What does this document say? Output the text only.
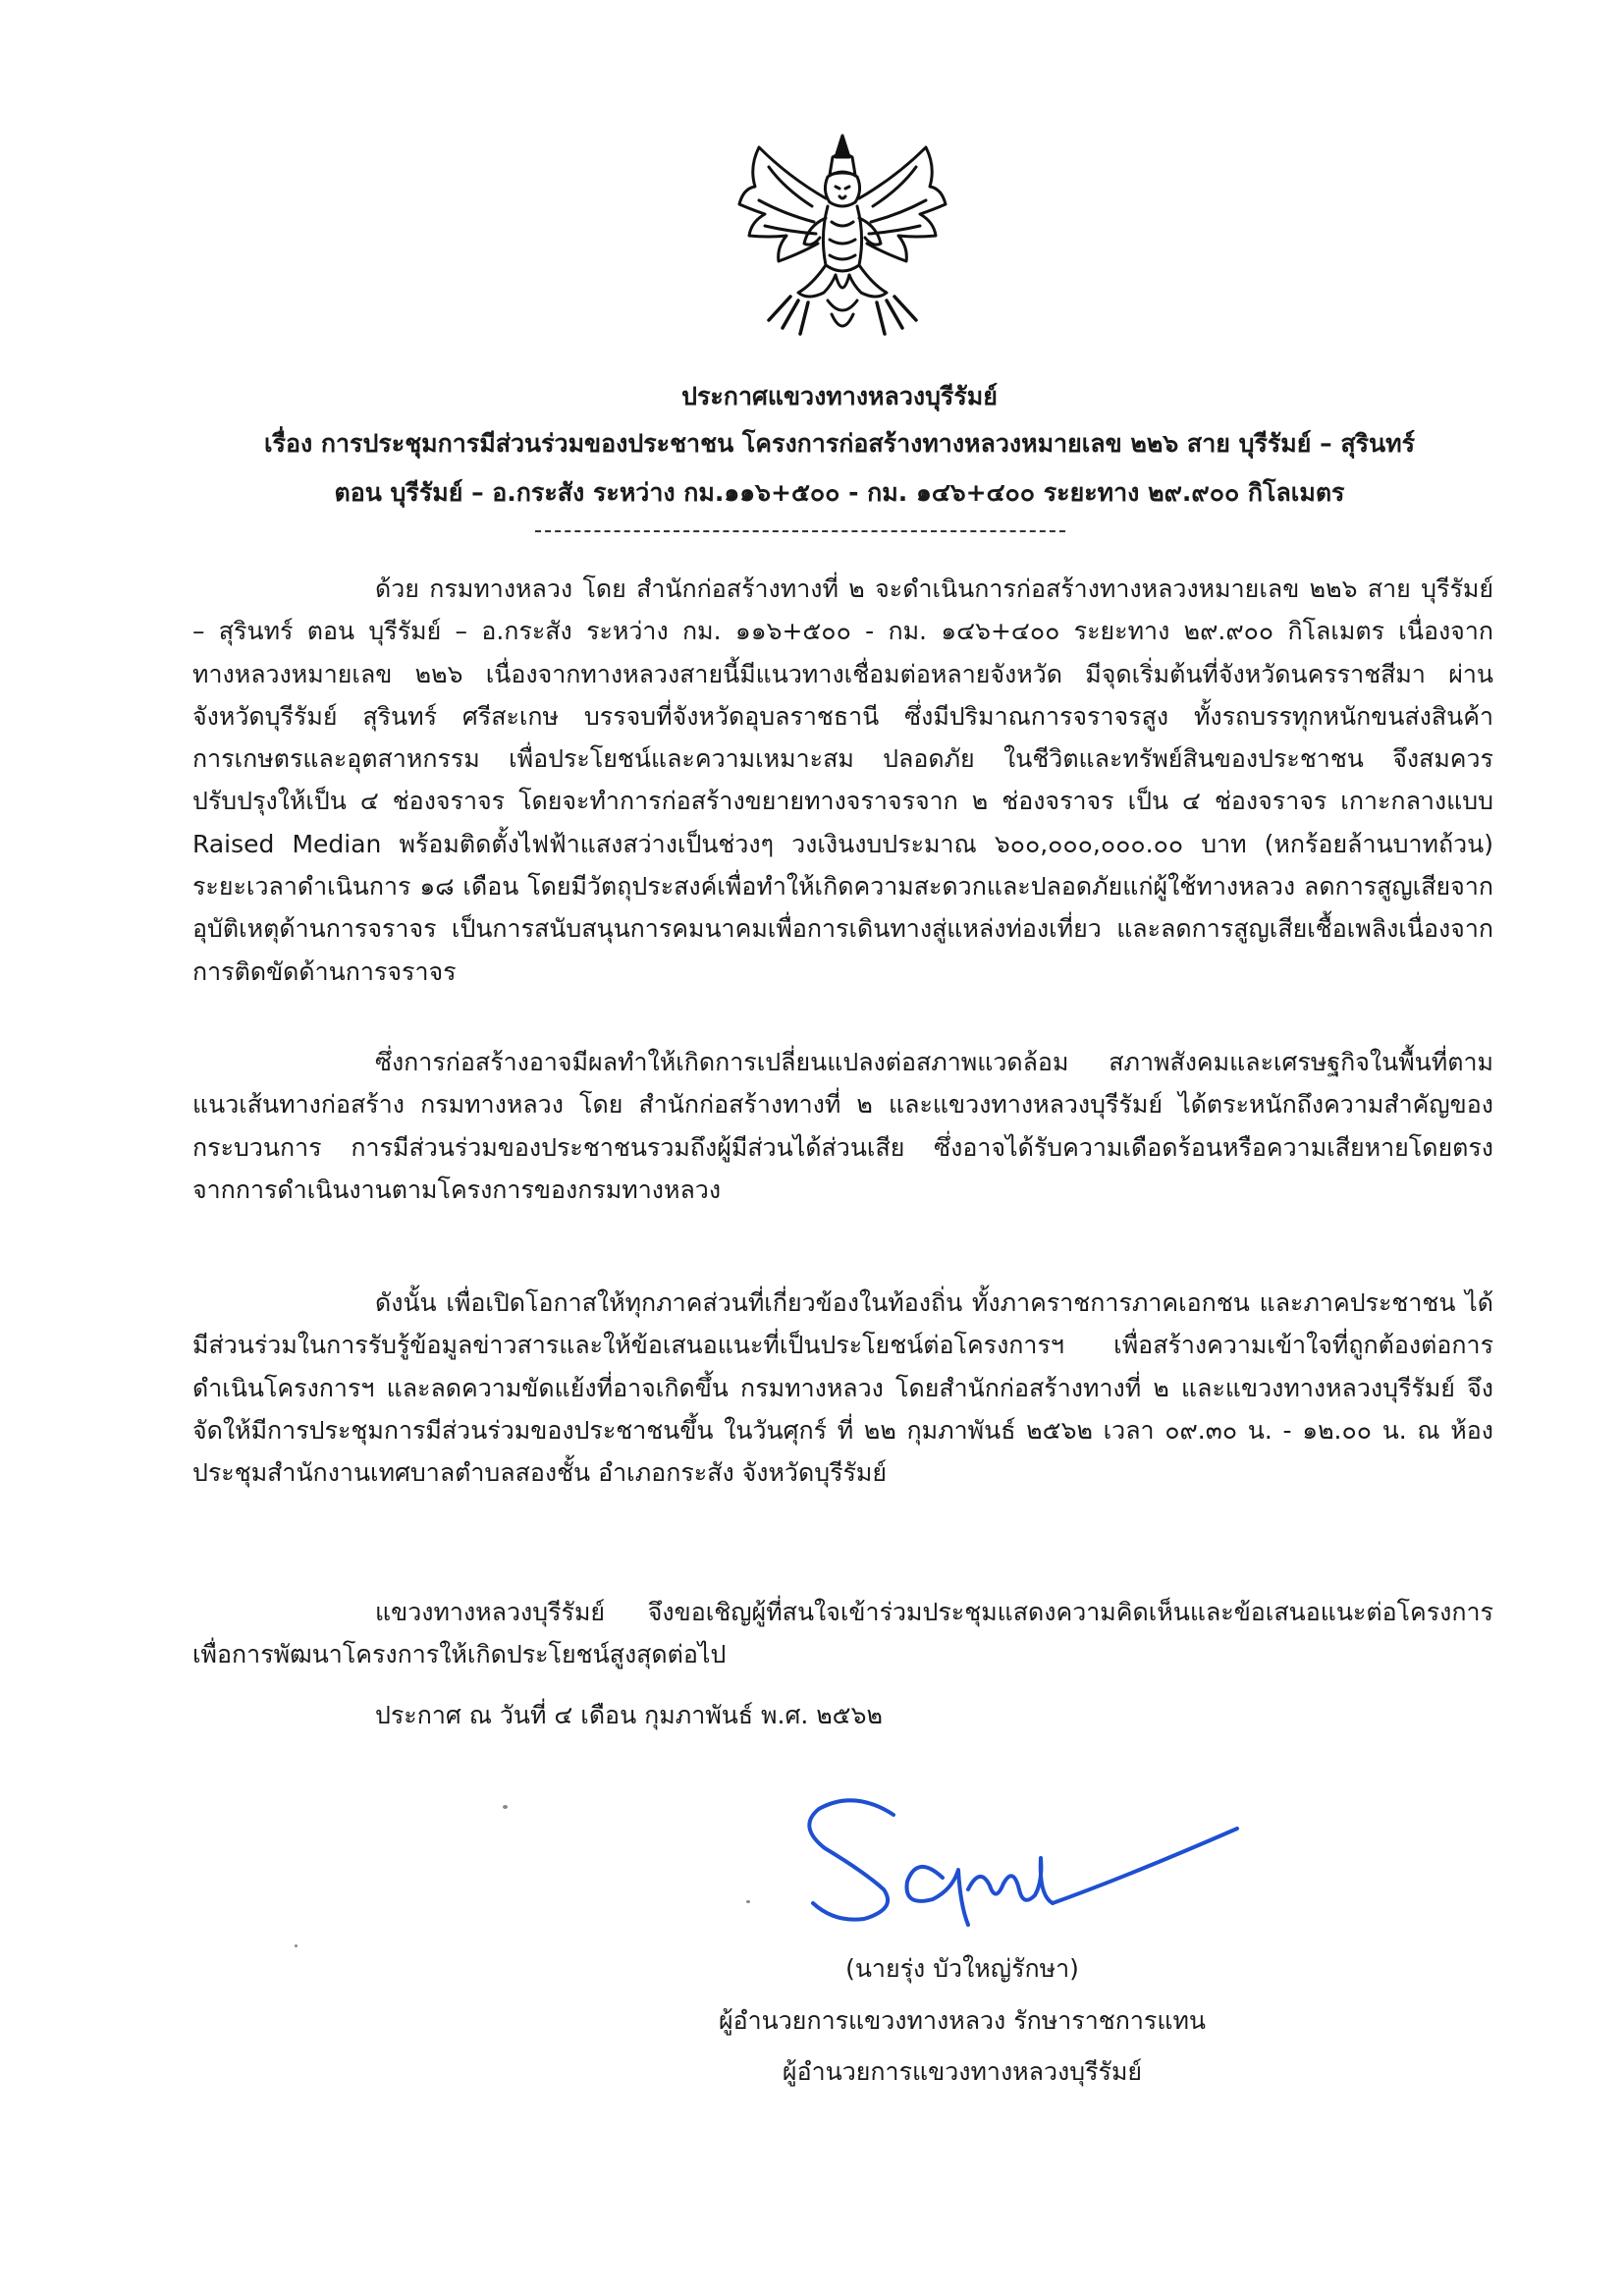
ประกาศแขวงทางหลวงบุรีรัมย์
เรื่อง การประชุมการมีส่วนร่วมของประชาชน โครงการก่อสร้างทางหลวงหมายเลข ๒๒๖ สาย บุรีรัมย์ – สุรินทร์
ตอน บุรีรัมย์ – อ.กระสัง ระหว่าง กม.๑๑๖+๕๐๐ - กม. ๑๔๖+๔๐๐ ระยะทาง ๒๙.๙๐๐ กิโลเมตร

ด้วย กรมทางหลวง โดย สำนักก่อสร้างทางที่ ๒ จะดำเนินการก่อสร้างทางหลวงหมายเลข ๒๒๖ สาย บุรีรัมย์ – สุรินทร์ ตอน บุรีรัมย์ – อ.กระสัง ระหว่าง กม. ๑๑๖+๕๐๐ - กม. ๑๔๖+๔๐๐ ระยะทาง ๒๙.๙๐๐ กิโลเมตร เนื่องจากทางหลวงหมายเลข ๒๒๖ เนื่องจากทางหลวงสายนี้มีแนวทางเชื่อมต่อหลายจังหวัด มีจุดเริ่มต้นที่จังหวัดนครราชสีมา ผ่านจังหวัดบุรีรัมย์ สุรินทร์ ศรีสะเกษ บรรจบที่จังหวัดอุบลราชธานี ซึ่งมีปริมาณการจราจรสูง ทั้งรถบรรทุกหนักขนส่งสินค้าการเกษตรและอุตสาหกรรม เพื่อประโยชน์และความเหมาะสม ปลอดภัย ในชีวิตและทรัพย์สินของประชาชน จึงสมควรปรับปรุงให้เป็น ๔ ช่องจราจร โดยจะทำการก่อสร้างขยายทางจราจรจาก ๒ ช่องจราจร เป็น ๔ ช่องจราจร เกาะกลางแบบ Raised Median พร้อมติดตั้งไฟฟ้าแสงสว่างเป็นช่วงๆ วงเงินงบประมาณ ๖๐๐,๐๐๐,๐๐๐.๐๐ บาท (หกร้อยล้านบาทถ้วน) ระยะเวลาดำเนินการ ๑๘ เดือน โดยมีวัตถุประสงค์เพื่อทำให้เกิดความสะดวกและปลอดภัยแก่ผู้ใช้ทางหลวง ลดการสูญเสียจากอุบัติเหตุด้านการจราจร เป็นการสนับสนุนการคมนาคมเพื่อการเดินทางสู่แหล่งท่องเที่ยว และลดการสูญเสียเชื้อเพลิงเนื่องจากการติดขัดด้านการจราจร

ซึ่งการก่อสร้างอาจมีผลทำให้เกิดการเปลี่ยนแปลงต่อสภาพแวดล้อม สภาพสังคมและเศรษฐกิจในพื้นที่ตามแนวเส้นทางก่อสร้าง กรมทางหลวง โดย สำนักก่อสร้างทางที่ ๒ และแขวงทางหลวงบุรีรัมย์ ได้ตระหนักถึงความสำคัญของกระบวนการ การมีส่วนร่วมของประชาชนรวมถึงผู้มีส่วนได้ส่วนเสีย ซึ่งอาจได้รับความเดือดร้อนหรือความเสียหายโดยตรงจากการดำเนินงานตามโครงการของกรมทางหลวง

ดังนั้น เพื่อเปิดโอกาสให้ทุกภาคส่วนที่เกี่ยวข้องในท้องถิ่น ทั้งภาคราชการภาคเอกชน และภาคประชาชน ได้มีส่วนร่วมในการรับรู้ข้อมูลข่าวสารและให้ข้อเสนอแนะที่เป็นประโยชน์ต่อโครงการฯ เพื่อสร้างความเข้าใจที่ถูกต้องต่อการดำเนินโครงการฯ และลดความขัดแย้งที่อาจเกิดขึ้น กรมทางหลวง โดยสำนักก่อสร้างทางที่ ๒ และแขวงทางหลวงบุรีรัมย์ จึงจัดให้มีการประชุมการมีส่วนร่วมของประชาชนขึ้น ในวันศุกร์ ที่ ๒๒ กุมภาพันธ์ ๒๕๖๒ เวลา ๐๙.๓๐ น. - ๑๒.๐๐ น. ณ ห้องประชุมสำนักงานเทศบาลตำบลสองชั้น อำเภอกระสัง จังหวัดบุรีรัมย์

แขวงทางหลวงบุรีรัมย์ จึงขอเชิญผู้ที่สนใจเข้าร่วมประชุมแสดงความคิดเห็นและข้อเสนอแนะต่อโครงการเพื่อการพัฒนาโครงการให้เกิดประโยชน์สูงสุดต่อไป

ประกาศ ณ วันที่ ๔ เดือน กุมภาพันธ์ พ.ศ. ๒๕๖๒
(นายรุ่ง บัวใหญ่รักษา)
ผู้อำนวยการแขวงทางหลวง รักษาราชการแทน
ผู้อำนวยการแขวงทางหลวงบุรีรัมย์
